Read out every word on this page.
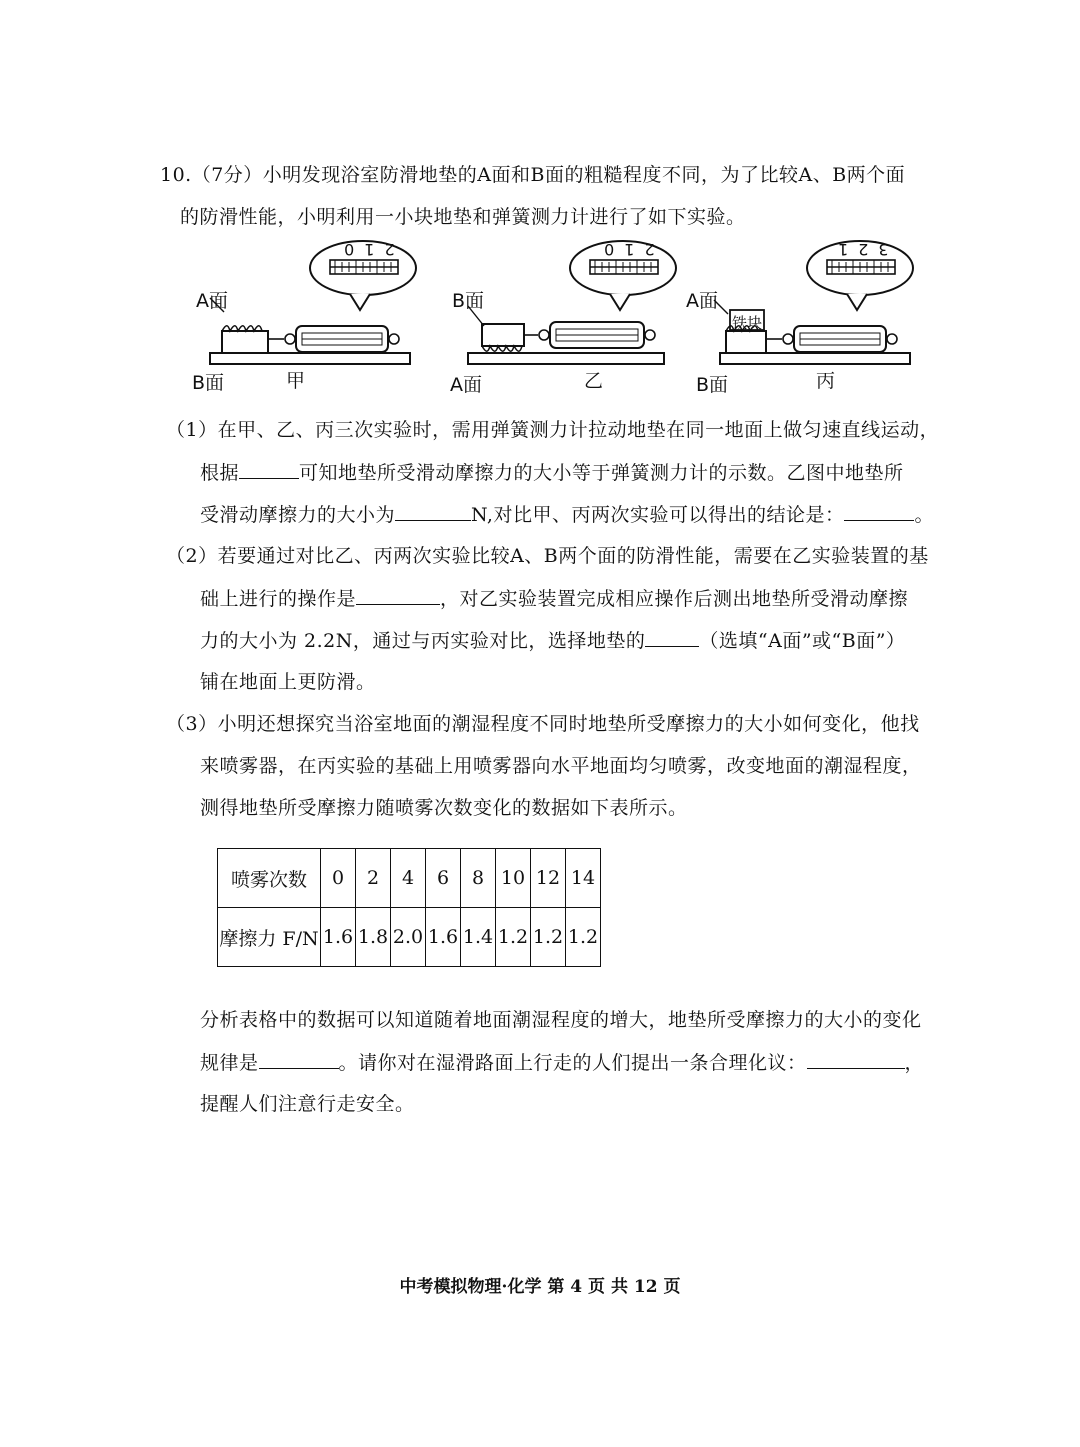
10.（7分）小明发现浴室防滑地垫的A面和B面的粗糙程度不同，为了比较A、B两个面
的防滑性能，小明利用一小块地垫和弹簧测力计进行了如下实验。
A面
B面	甲
210
B面
A面	乙
210
A面
铁块
B面	丙
321
（1）在甲、乙、丙三次实验时，需用弹簧测力计拉动地垫在同一地面上做匀速直线运动，
根据	可知地垫所受滑动摩擦力的大小等于弹簧测力计的示数。乙图中地垫所
受滑动摩擦力的大小为	N,对比甲、丙两次实验可以得出的结论是：	。
（2）若要通过对比乙、丙两次实验比较A、B两个面的防滑性能，需要在乙实验装置的基
础上进行的操作是	，对乙实验装置完成相应操作后测出地垫所受滑动摩擦
力的大小为 2.2N，通过与丙实验对比，选择地垫的	（选填“A面”或“B面”）
铺在地面上更防滑。
（3）小明还想探究当浴室地面的潮湿程度不同时地垫所受摩擦力的大小如何变化，他找
来喷雾器，在丙实验的基础上用喷雾器向水平地面均匀喷雾，改变地面的潮湿程度，
测得地垫所受摩擦力随喷雾次数变化的数据如下表所示。
喷雾次数	0	2	4	6	8	10	12	14
摩擦力 F/N	1.6	1.8	2.0	1.6	1.4	1.2	1.2	1.2
分析表格中的数据可以知道随着地面潮湿程度的增大，地垫所受摩擦力的大小的变化
规律是	。请你对在湿滑路面上行走的人们提出一条合理化议：	，
提醒人们注意行走安全。
中考模拟物理·化学 第 4 页 共 12 页
